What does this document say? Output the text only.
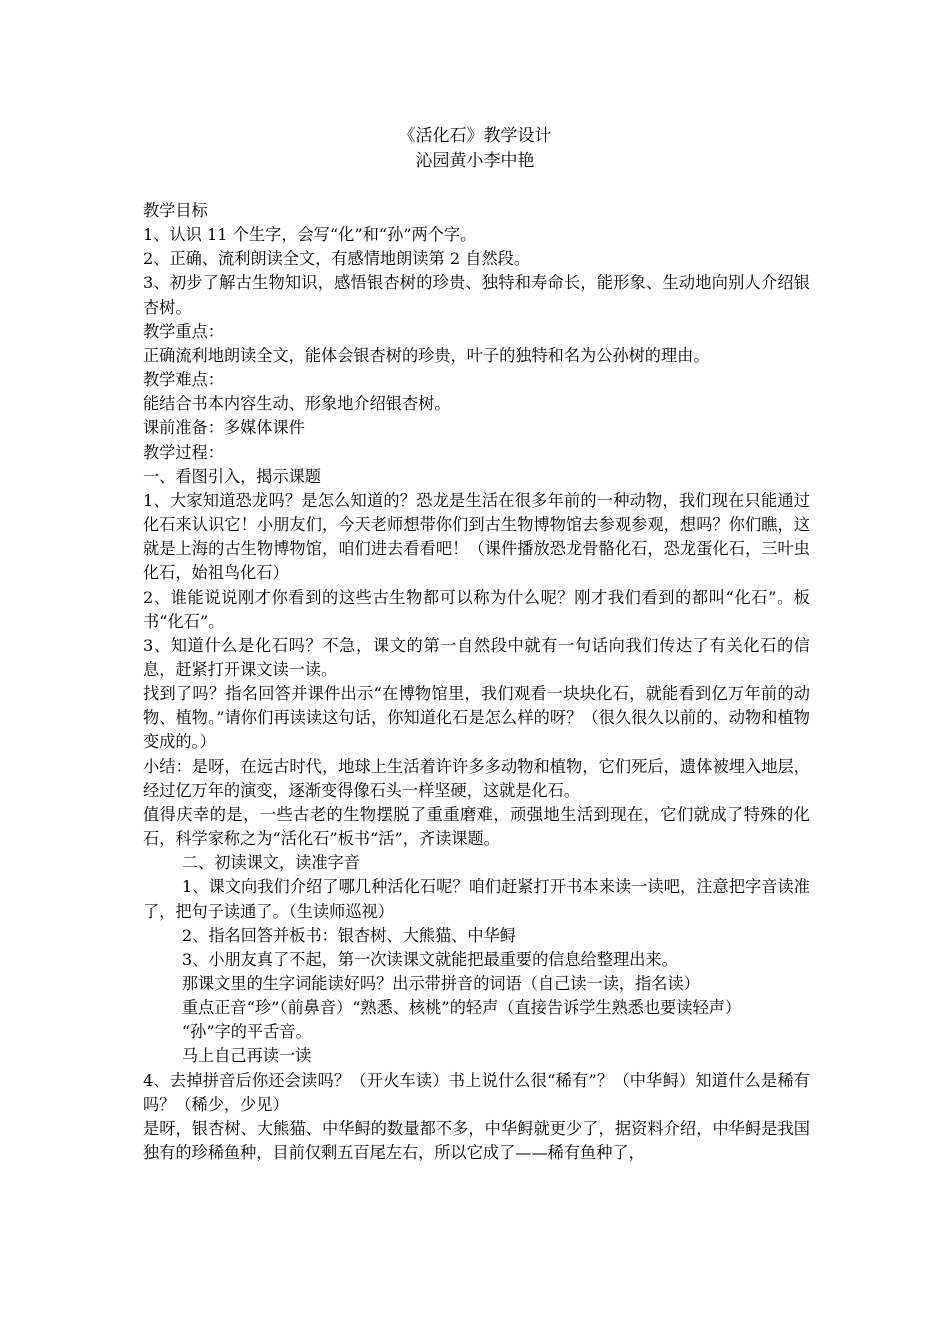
《活化石》教学设计
沁园黄小李中艳

教学目标

1、认识 11 个生字，会写“化”和“孙”两个字。

2、正确、流利朗读全文，有感情地朗读第 2 自然段。

3、初步了解古生物知识，感悟银杏树的珍贵、独特和寿命长，能形象、生动地向别人介绍银杏树。

教学重点：

正确流利地朗读全文，能体会银杏树的珍贵，叶子的独特和名为公孙树的理由。

教学难点：

能结合书本内容生动、形象地介绍银杏树。

课前准备：多媒体课件

教学过程：

一、看图引入，揭示课题

1、大家知道恐龙吗？是怎么知道的？恐龙是生活在很多年前的一种动物，我们现在只能通过化石来认识它！小朋友们，今天老师想带你们到古生物博物馆去参观参观，想吗？你们瞧，这就是上海的古生物博物馆，咱们进去看看吧！（课件播放恐龙骨骼化石，恐龙蛋化石，三叶虫化石，始祖鸟化石）

2、谁能说说刚才你看到的这些古生物都可以称为什么呢？刚才我们看到的都叫“化石”。板书“化石”。

3、知道什么是化石吗？不急，课文的第一自然段中就有一句话向我们传达了有关化石的信息，赶紧打开课文读一读。

找到了吗？指名回答并课件出示“在博物馆里，我们观看一块块化石，就能看到亿万年前的动物、植物。”请你们再读读这句话，你知道化石是怎么样的呀？（很久很久以前的、动物和植物变成的。）

小结：是呀，在远古时代，地球上生活着许许多多动物和植物，它们死后，遗体被埋入地层，经过亿万年的演变，逐渐变得像石头一样坚硬，这就是化石。

值得庆幸的是，一些古老的生物摆脱了重重磨难，顽强地生活到现在，它们就成了特殊的化石，科学家称之为“活化石”板书“活”，齐读课题。

二、初读课文，读准字音

1、课文向我们介绍了哪几种活化石呢？咱们赶紧打开书本来读一读吧，注意把字音读准了，把句子读通了。（生读师巡视）

2、指名回答并板书：银杏树、大熊猫、中华鲟

3、小朋友真了不起，第一次读课文就能把最重要的信息给整理出来。

那课文里的生字词能读好吗？出示带拼音的词语（自己读一读，指名读）

重点正音“珍”（前鼻音）“熟悉、核桃”的轻声（直接告诉学生熟悉也要读轻声）

“孙”字的平舌音。

马上自己再读一读

4、去掉拼音后你还会读吗？（开火车读）书上说什么很“稀有”？（中华鲟）知道什么是稀有吗？（稀少，少见）

是呀，银杏树、大熊猫、中华鲟的数量都不多，中华鲟就更少了，据资料介绍，中华鲟是我国独有的珍稀鱼种，目前仅剩五百尾左右，所以它成了——稀有鱼种了，
